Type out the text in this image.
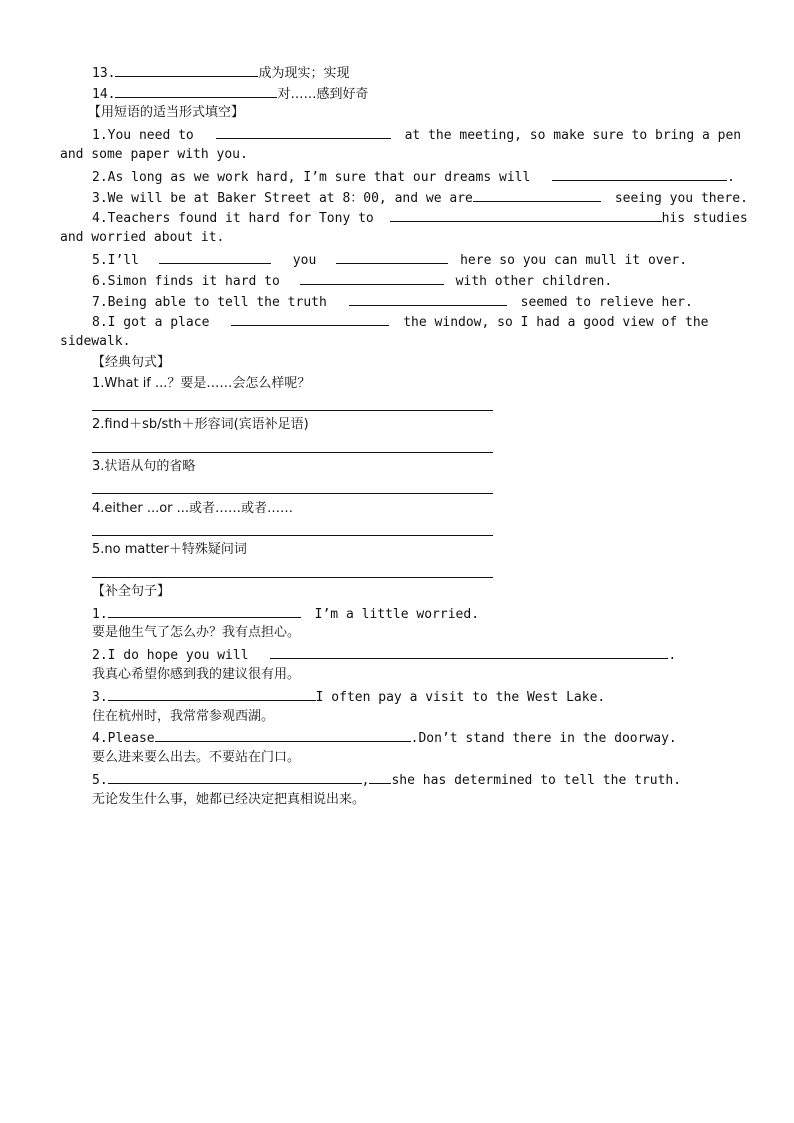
13.	成为现实；实现
14.	对……感到好奇
【用短语的适当形式填空】
1.You need to	at the meeting, so make sure to bring a pen
and some paper with you.
2.As long as we work hard, I’m sure that our dreams will	.
3.We will be at Baker Street at 8：00, and we are	seeing you there.
4.Teachers found it hard for Tony to	his studies
and worried about it.
5.I’ll	you	here so you can mull it over.
6.Simon finds it hard to	with other children.
7.Being able to tell the truth	seemed to relieve her.
8.I got a place	the window, so I had a good view of the
sidewalk.
【经典句式】
1.What if ...？要是……会怎么样呢？
2.find＋sb/sth＋形容词(宾语补足语)
3.状语从句的省略
4.either ...or ...或者……或者……
5.no matter＋特殊疑问词
【补全句子】
1.	I’m a little worried.
要是他生气了怎么办？我有点担心。
2.I do hope you will	.
我真心希望你感到我的建议很有用。
3.	I often pay a visit to the West Lake.
住在杭州时，我常常参观西湖。
4.Please	.Don’t stand there in the doorway.
要么进来要么出去。不要站在门口。
5.	, she has determined to tell the truth.
无论发生什么事，她都已经决定把真相说出来。
